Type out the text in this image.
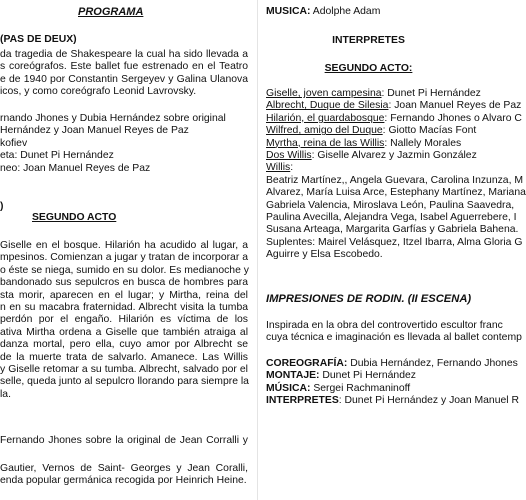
PROGRAMA
(PAS DE DEUX)
da tragedia de Shakespeare la cual ha sido llevada a
s coreógrafos. Este ballet fue estrenado en el Teatro
e de 1940 por Constantin Sergeyev y Galina Ulanova
icos, y como coreógrafo Leonid Lavrovsky.
rnando Jhones y Dubia Hernández sobre original
Hernández y Joan Manuel Reyes de Paz
kofiev
eta: Dunet Pi Hernández
neo: Joan Manuel Reyes de Paz
)
SEGUNDO ACTO
Giselle en el bosque. Hilarión ha acudido al lugar, a
mpesinos. Comienzan a jugar y tratan de incorporar a
o éste se niega, sumido en su dolor. Es medianoche y
bandonado sus sepulcros en busca de hombres para
sta morir, aparecen en el lugar; y Mirtha, reina del
n en su macabra fraternidad. Albrecht visita la tumba
perdón por el engaño. Hilarión es víctima de los
ativa Mirtha ordena a Giselle que también atraiga al
danza mortal, pero ella, cuyo amor por Albrecht se
de la muerte trata de salvarlo. Amanece. Las Willis
y Giselle retomar a su tumba. Albrecht, salvado por el
selle, queda junto al sepulcro llorando para siempre la
la.
Fernando Jhones sobre la original de Jean Corralli y
Gautier, Vernos de Saint- Georges y Jean Coralli,
enda popular germánica recogida por Heinrich Heine.
MUSICA: Adolphe Adam
INTERPRETES
SEGUNDO ACTO:
Giselle, joven campesina: Dunet Pi Hernández
Albrecht, Duque de Silesia: Joan Manuel Reyes de Paz
Hilarión, el guardabosque: Fernando Jhones o Alvaro C
Wilfred, amigo del Duque: Giotto Macías Font
Myrtha, reina de las Willis: Nallely Morales
Dos Willis: Giselle Alvarez y Jazmin González
Willis:
Beatriz Martínez,, Angela Guevara, Carolina Inzunza, M
Alvarez, María Luisa Arce, Estephany Martínez, Mariana
Gabriela Valencia, Miroslava León, Paulina Saavedra,
Paulina Avecilla, Alejandra Vega, Isabel Aguerrebere, I
Susana Arteaga, Margarita Garfías y Gabriela Bahena.
Suplentes: Mairel Velásquez, Itzel Ibarra, Alma Gloria G
Aguirre y Elsa Escobedo.
IMPRESIONES DE RODIN. (II ESCENA)
Inspirada en la obra del controvertido escultor franc
cuya técnica e imaginación es llevada al ballet contemp
COREOGRAFÍA: Dubia Hernández, Fernando Jhones
MONTAJE: Dunet Pi Hernández
MÚSICA: Sergei Rachmaninoff
INTERPRETES: Dunet Pi Hernández y Joan Manuel R
